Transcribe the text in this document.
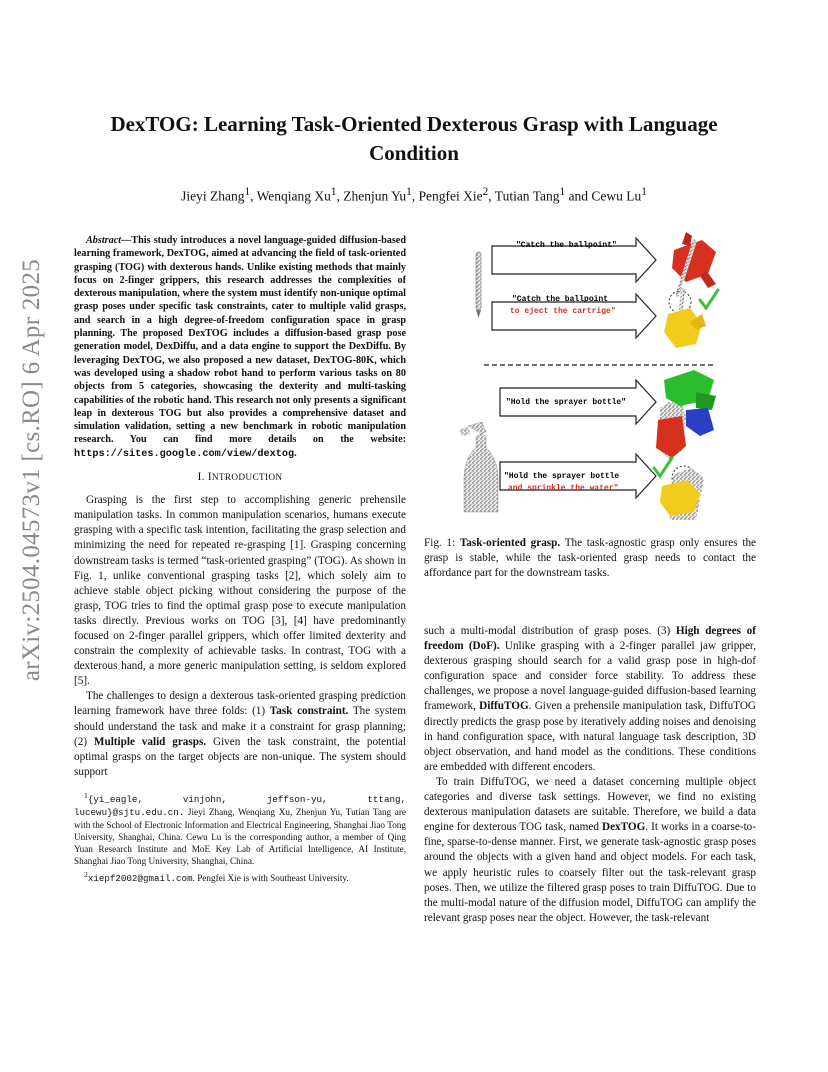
arXiv:2504.04573v1 [cs.RO] 6 Apr 2025
DexTOG: Learning Task-Oriented Dexterous Grasp with Language Condition
Jieyi Zhang$^1$, Wenqiang Xu$^1$, Zhenjun Yu$^1$, Pengfei Xie$^2$, Tutian Tang$^1$ and Cewu Lu$^1$

Abstract—This study introduces a novel language-guided diffusion-based learning framework, DexTOG, aimed at advancing the field of task-oriented grasping (TOG) with dexterous hands. Unlike existing methods that mainly focus on 2-finger grippers, this research addresses the complexities of dexterous manipulation, where the system must identify non-unique optimal grasp poses under specific task constraints, cater to multiple valid grasps, and search in a high degree-of-freedom configuration space in grasp planning. The proposed DexTOG includes a diffusion-based grasp pose generation model, DexDiffu, and a data engine to support the DexDiffu. By leveraging DexTOG, we also proposed a new dataset, DexTOG-80K, which was developed using a shadow robot hand to perform various tasks on 80 objects from 5 categories, showcasing the dexterity and multi-tasking capabilities of the robotic hand. This research not only presents a significant leap in dexterous TOG but also provides a comprehensive dataset and simulation validation, setting a new benchmark in robotic manipulation research. You can find more details on the website: https://sites.google.com/view/dextog.

I. INTRODUCTION

Grasping is the first step to accomplishing generic prehensile manipulation tasks. In common manipulation scenarios, humans execute grasping with a specific task intention, facilitating the grasp selection and minimizing the need for repeated re-grasping [1]. Grasping concerning downstream tasks is termed “task-oriented grasping” (TOG). As shown in Fig. 1, unlike conventional grasping tasks [2], which solely aim to achieve stable object picking without considering the purpose of the grasp, TOG tries to find the optimal grasp pose to execute manipulation tasks directly. Previous works on TOG [3], [4] have predominantly focused on 2-finger parallel grippers, which offer limited dexterity and constrain the complexity of achievable tasks. In contrast, TOG with a dexterous hand, a more generic manipulation setting, is seldom explored [5].

The challenges to design a dexterous task-oriented grasping prediction learning framework have three folds: (1) Task constraint. The system should understand the task and make it a constraint for grasp planning; (2) Multiple valid grasps. Given the task constraint, the potential optimal grasps on the target objects are non-unique. The system should support

$^1${yi_eagle, vinjohn, jeffson-yu, tttang, lucewu}@sjtu.edu.cn. Jieyi Zhang, Wenqiang Xu, Zhenjun Yu, Tutian Tang are with the School of Electronic Information and Electrical Engineering, Shanghai Jiao Tong University, Shanghai, China. Cewu Lu is the corresponding author, a member of Qing Yuan Research Institute and MoE Key Lab of Artificial Intelligence, AI Institute, Shanghai Jiao Tong University, Shanghai, China.

$^2$xiepf2002@gmail.com. Pengfei Xie is with Southeast University.

"Catch the ballpoint"
"Catch the ballpoint
to eject the cartrige"
"Hold the sprayer bottle"
"Hold the sprayer bottle
and sprinkle the water"
Fig. 1: Task-oriented grasp. The task-agnostic grasp only ensures the grasp is stable, while the task-oriented grasp needs to contact the affordance part for the downstream tasks.

such a multi-modal distribution of grasp poses. (3) High degrees of freedom (DoF). Unlike grasping with a 2-finger parallel jaw gripper, dexterous grasping should search for a valid grasp pose in high-dof configuration space and consider force stability. To address these challenges, we propose a novel language-guided diffusion-based learning framework, DiffuTOG. Given a prehensile manipulation task, DiffuTOG directly predicts the grasp pose by iteratively adding noises and denoising in hand configuration space, with natural language task description, 3D object observation, and hand model as the conditions. These conditions are embedded with different encoders.

To train DiffuTOG, we need a dataset concerning multiple object categories and diverse task settings. However, we find no existing dexterous manipulation datasets are suitable. Therefore, we build a data engine for dexterous TOG task, named DexTOG. It works in a coarse-to-fine, sparse-to-dense manner. First, we generate task-agnostic grasp poses around the objects with a given hand and object models. For each task, we apply heuristic rules to coarsely filter out the task-relevant grasp poses. Then, we utilize the filtered grasp poses to train DiffuTOG. Due to the multi-modal nature of the diffusion model, DiffuTOG can amplify the relevant grasp poses near the object. However, the task-relevant
